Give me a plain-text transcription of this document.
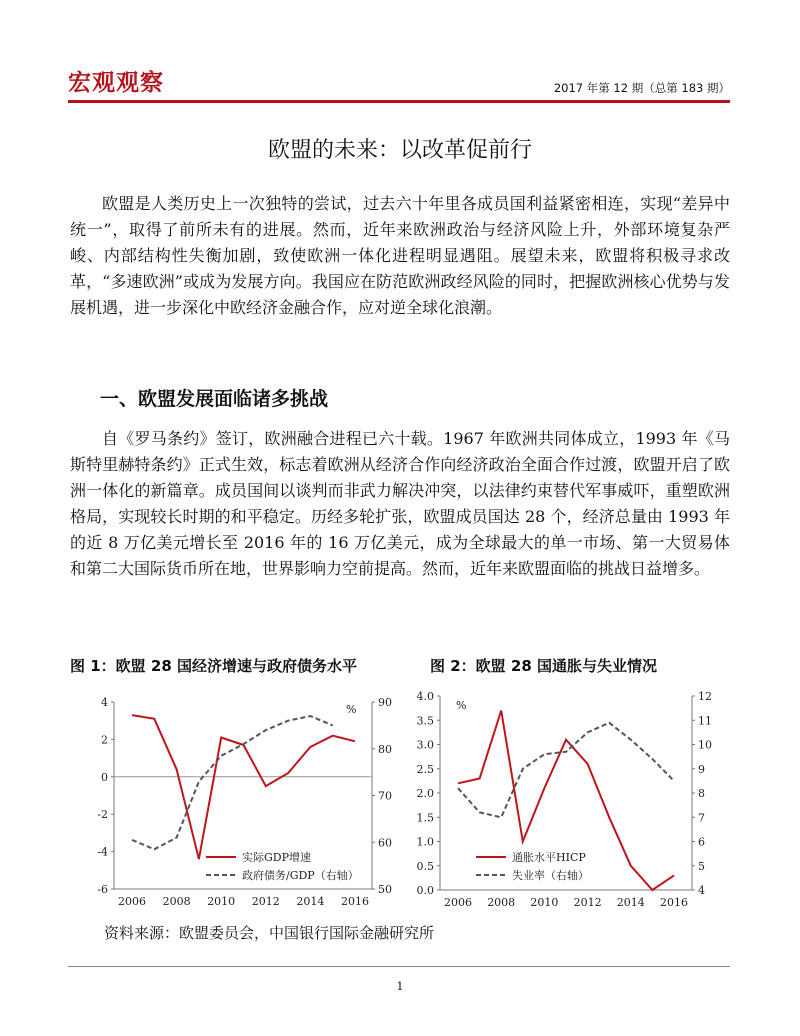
宏观观察	2017 年第 12 期（总第 183 期）
欧盟的未来：以改革促前行
欧盟是人类历史上一次独特的尝试，过去六十年里各成员国利益紧密相连，实现“差异中统一”，取得了前所未有的进展。然而，近年来欧洲政治与经济风险上升，外部环境复杂严峻、内部结构性失衡加剧，致使欧洲一体化进程明显遇阻。展望未来，欧盟将积极寻求改革，“多速欧洲”或成为发展方向。我国应在防范欧洲政经风险的同时，把握欧洲核心优势与发展机遇，进一步深化中欧经济金融合作，应对逆全球化浪潮。
一、欧盟发展面临诸多挑战
自《罗马条约》签订，欧洲融合进程已六十载。1967 年欧洲共同体成立，1993 年《马斯特里赫特条约》正式生效，标志着欧洲从经济合作向经济政治全面合作过渡，欧盟开启了欧洲一体化的新篇章。成员国间以谈判而非武力解决冲突，以法律约束替代军事威吓，重塑欧洲格局，实现较长时期的和平稳定。历经多轮扩张，欧盟成员国达 28 个，经济总量由 1993 年的近 8 万亿美元增长至 2016 年的 16 万亿美元，成为全球最大的单一市场、第一大贸易体和第二大国际货币所在地，世界影响力空前提高。然而，近年来欧盟面临的挑战日益增多。
图 1：欧盟 28 国经济增速与政府债务水平	图 2：欧盟 28 国通胀与失业情况
-6
-4
-2
0
2
4
50
60
70
80
90
2006 2008 2010 2012 2014 2016
%
实际GDP增速
政府债务/GDP（右轴）
0.0
0.5
1.0
1.5
2.0
2.5
3.0
3.5
4.0
4
5
6
7
8
9
10
11
12
2006 2008 2010 2012 2014 2016
%
通胀水平HICP
失业率（右轴）
资料来源：欧盟委员会，中国银行国际金融研究所
1
